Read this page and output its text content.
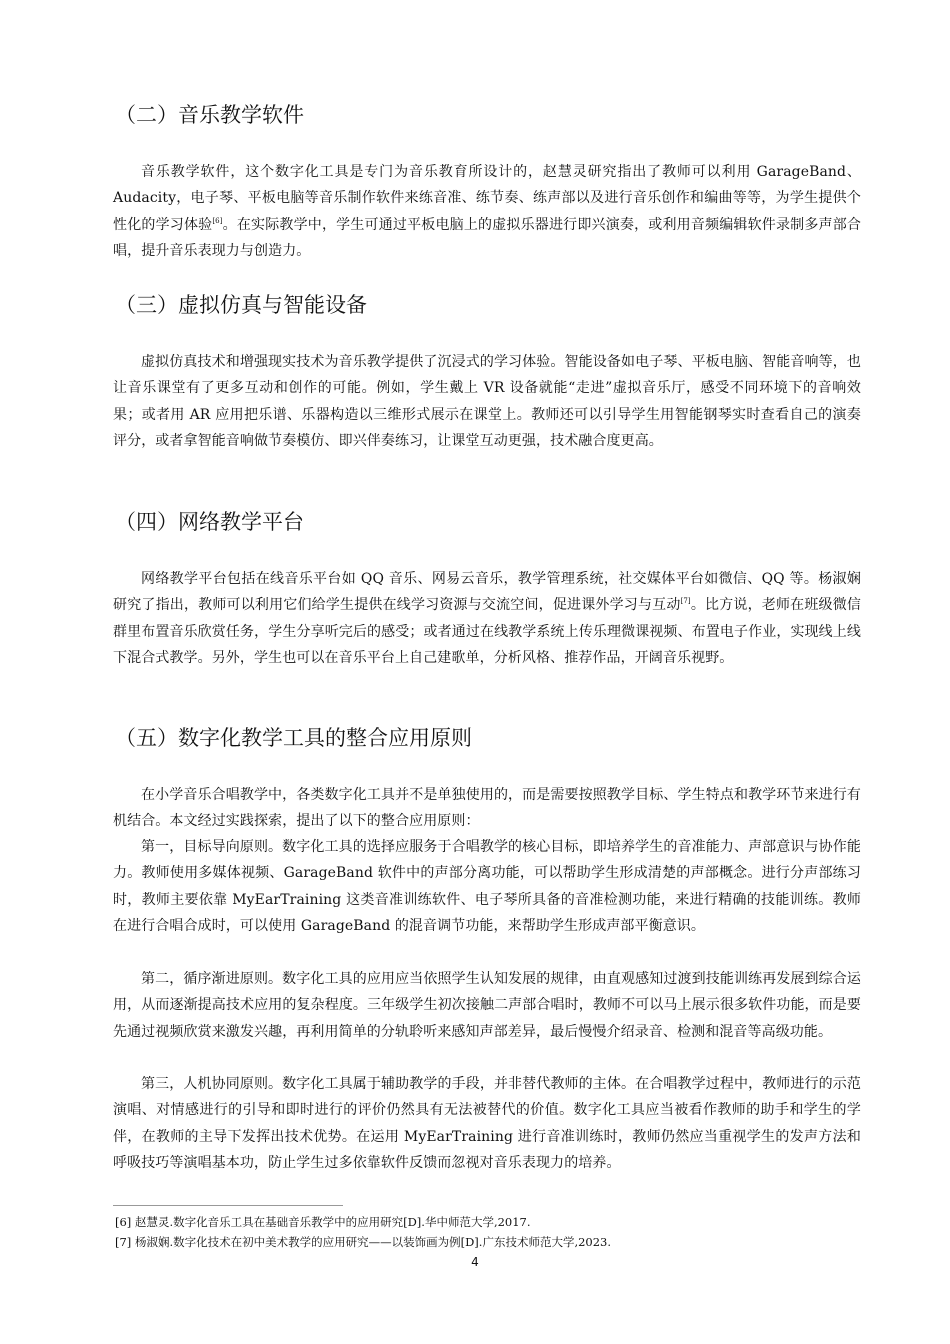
（二）音乐教学软件

音乐教学软件，这个数字化工具是专门为音乐教育所设计的，赵慧灵研究指出了教师可以利用 GarageBand、Audacity，电子琴、平板电脑等音乐制作软件来练音准、练节奏、练声部以及进行音乐创作和编曲等等，为学生提供个性化的学习体验[6]。在实际教学中，学生可通过平板电脑上的虚拟乐器进行即兴演奏，或利用音频编辑软件录制多声部合唱，提升音乐表现力与创造力。

（三）虚拟仿真与智能设备

虚拟仿真技术和增强现实技术为音乐教学提供了沉浸式的学习体验。智能设备如电子琴、平板电脑、智能音响等，也让音乐课堂有了更多互动和创作的可能。例如，学生戴上 VR 设备就能“走进”虚拟音乐厅，感受不同环境下的音响效果；或者用 AR 应用把乐谱、乐器构造以三维形式展示在课堂上。教师还可以引导学生用智能钢琴实时查看自己的演奏评分，或者拿智能音响做节奏模仿、即兴伴奏练习，让课堂互动更强，技术融合度更高。

（四）网络教学平台

网络教学平台包括在线音乐平台如 QQ 音乐、网易云音乐，教学管理系统，社交媒体平台如微信、QQ 等。杨淑娴研究了指出，教师可以利用它们给学生提供在线学习资源与交流空间，促进课外学习与互动[7]。比方说，老师在班级微信群里布置音乐欣赏任务，学生分享听完后的感受；或者通过在线教学系统上传乐理微课视频、布置电子作业，实现线上线下混合式教学。另外，学生也可以在音乐平台上自己建歌单，分析风格、推荐作品，开阔音乐视野。

（五）数字化教学工具的整合应用原则

在小学音乐合唱教学中，各类数字化工具并不是单独使用的，而是需要按照教学目标、学生特点和教学环节来进行有机结合。本文经过实践探索，提出了以下的整合应用原则：

第一，目标导向原则。数字化工具的选择应服务于合唱教学的核心目标，即培养学生的音准能力、声部意识与协作能力。教师使用多媒体视频、GarageBand 软件中的声部分离功能，可以帮助学生形成清楚的声部概念。进行分声部练习时，教师主要依靠 MyEarTraining 这类音准训练软件、电子琴所具备的音准检测功能，来进行精确的技能训练。教师在进行合唱合成时，可以使用 GarageBand 的混音调节功能，来帮助学生形成声部平衡意识。

第二，循序渐进原则。数字化工具的应用应当依照学生认知发展的规律，由直观感知过渡到技能训练再发展到综合运用，从而逐渐提高技术应用的复杂程度。三年级学生初次接触二声部合唱时，教师不可以马上展示很多软件功能，而是要先通过视频欣赏来激发兴趣，再利用简单的分轨聆听来感知声部差异，最后慢慢介绍录音、检测和混音等高级功能。

第三，人机协同原则。数字化工具属于辅助教学的手段，并非替代教师的主体。在合唱教学过程中，教师进行的示范演唱、对情感进行的引导和即时进行的评价仍然具有无法被替代的价值。数字化工具应当被看作教师的助手和学生的学伴，在教师的主导下发挥出技术优势。在运用 MyEarTraining 进行音准训练时，教师仍然应当重视学生的发声方法和呼吸技巧等演唱基本功，防止学生过多依靠软件反馈而忽视对音乐表现力的培养。

[6] 赵慧灵.数字化音乐工具在基础音乐教学中的应用研究[D].华中师范大学,2017.

[7] 杨淑娴.数字化技术在初中美术教学的应用研究——以装饰画为例[D].广东技术师范大学,2023.

4
